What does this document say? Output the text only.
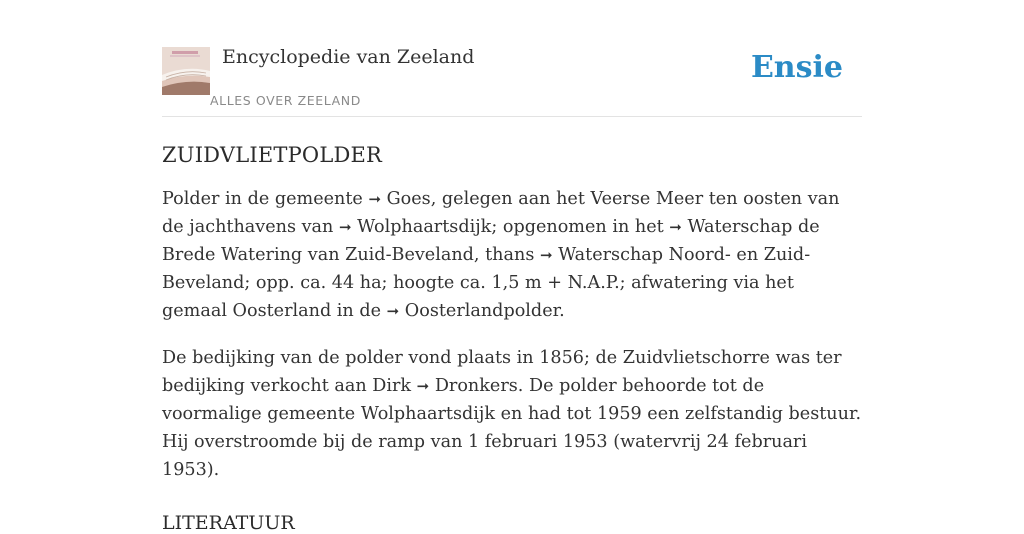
Encyclopedie van Zeeland
ALLES OVER ZEELAND
Ensie
ZUIDVLIETPOLDER

Polder in de gemeente ➞ Goes, gelegen aan het Veerse Meer ten oosten van de jachthavens van ➞ Wolphaartsdijk; opgenomen in het ➞ Waterschap de Brede Watering van Zuid-Beveland, thans ➞ Waterschap Noord- en Zuid-Beveland; opp. ca. 44 ha; hoogte ca. 1,5 m + N.A.P.; afwatering via het gemaal Oosterland in de ➞ Oosterlandpolder.

De bedijking van de polder vond plaats in 1856; de Zuidvlietschorre was ter bedijking verkocht aan Dirk ➞ Dronkers. De polder behoorde tot de voormalige gemeente Wolphaartsdijk en had tot 1959 een zelfstandig bestuur. Hij overstroomde bij de ramp van 1 februari 1953 (watervrij 24 februari 1953).

LITERATUUR
